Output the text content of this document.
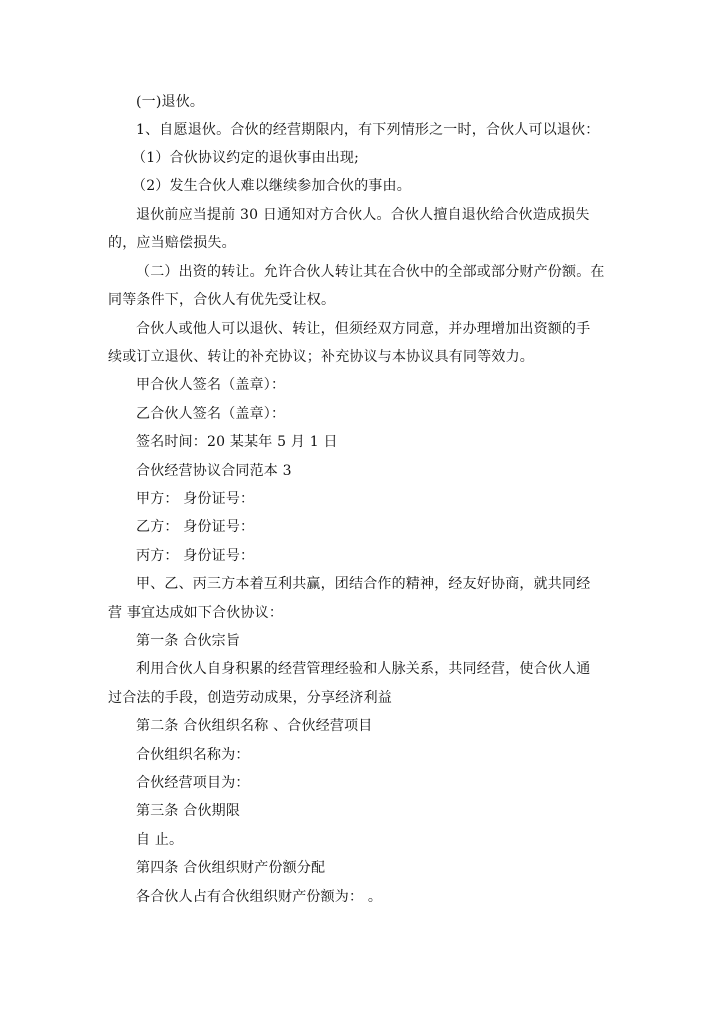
(一)退伙。
1、自愿退伙。合伙的经营期限内，有下列情形之一时，合伙人可以退伙：
（1）合伙协议约定的退伙事由出现;
（2）发生合伙人难以继续参加合伙的事由。
退伙前应当提前 30 日通知对方合伙人。合伙人擅自退伙给合伙造成损失
的，应当赔偿损失。
（二）出资的转让。允许合伙人转让其在合伙中的全部或部分财产份额。在
同等条件下，合伙人有优先受让权。
合伙人或他人可以退伙、转让，但须经双方同意，并办理增加出资额的手
续或订立退伙、转让的补充协议；补充协议与本协议具有同等效力。
甲合伙人签名（盖章）：
乙合伙人签名（盖章）：
签名时间：20 某某年 5 月 1 日
合伙经营协议合同范本 3
甲方： 身份证号：
乙方： 身份证号：
丙方： 身份证号：
甲、乙、丙三方本着互利共赢，团结合作的精神，经友好协商，就共同经
营 事宜达成如下合伙协议：
第一条 合伙宗旨
利用合伙人自身积累的经营管理经验和人脉关系，共同经营，使合伙人通
过合法的手段，创造劳动成果，分享经济利益
第二条 合伙组织名称 、合伙经营项目
合伙组织名称为：
合伙经营项目为：
第三条 合伙期限
自 止。
第四条 合伙组织财产份额分配
各合伙人占有合伙组织财产份额为： 。
